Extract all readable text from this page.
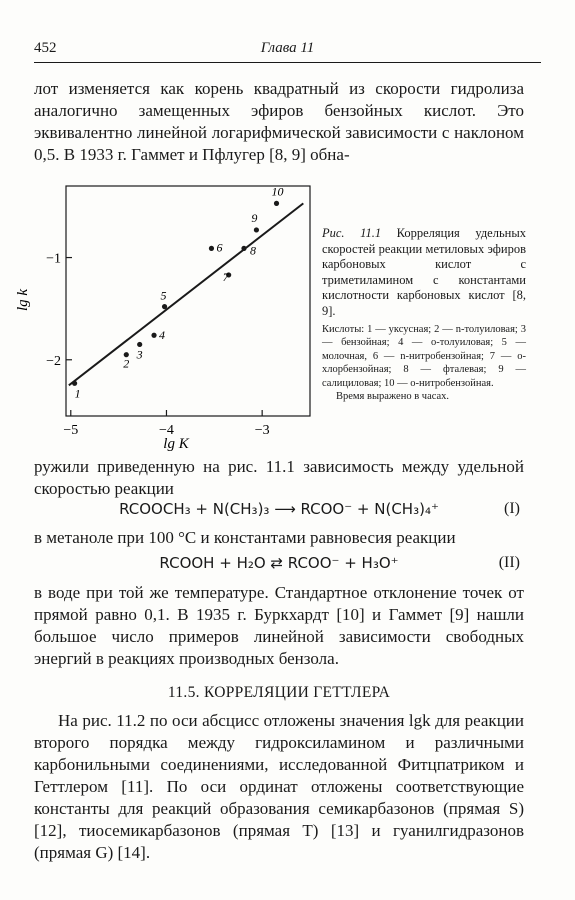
452	Глава 11
лот изменяется как корень квадратный из скорости гидролиза аналогично замещенных эфиров бензойных кислот. Это эквивалентно линейной логарифмической зависимости с наклоном 0,5. В 1933 г. Гаммет и Пфлугер [8, 9] обна-
−5	−4	−3
−1
−2
1
2
3
4
5
6
7
8
9
10
lg K
lg k
Рис. 11.1 Корреляция удельных скоростей реакции метиловых эфиров карбоновых кислот с триметиламином с константами кислотности карбоновых кислот [8, 9].
Кислоты: 1 — уксусная; 2 — n-толуиловая; 3 — бензойная; 4 — o-толуиловая; 5 — молочная, 6 — n-нитробензойная; 7 — o-хлорбензойная; 8 — фталевая; 9 — салициловая; 10 — o-нитробензойная.
Время выражено в часах.
ружили приведенную на рис. 11.1 зависимость между удельной скоростью реакции
RCOOCH₃ + N(CH₃)₃ ⟶ RCOO⁻ + N(CH₃)₄⁺	(I)
в метаноле при 100 °С и константами равновесия реакции
RCOOH + H₂O ⇄ RCOO⁻ + H₃O⁺	(II)
в воде при той же температуре. Стандартное отклонение точек от прямой равно 0,1. В 1935 г. Буркхардт [10] и Гаммет [9] нашли большое число примеров линейной зависимости свободных энергий в реакциях производных бензола.
11.5. КОРРЕЛЯЦИИ ГЕТТЛЕРА
На рис. 11.2 по оси абсцисс отложены значения lgk для реакции второго порядка между гидроксиламином и различными карбонильными соединениями, исследованной Фитцпатриком и Геттлером [11]. По оси ординат отложены соответствующие константы для реакций образования семикарбазонов (прямая S) [12], тиосемикарбазонов (прямая T) [13] и гуанилгидразонов (прямая G) [14].
